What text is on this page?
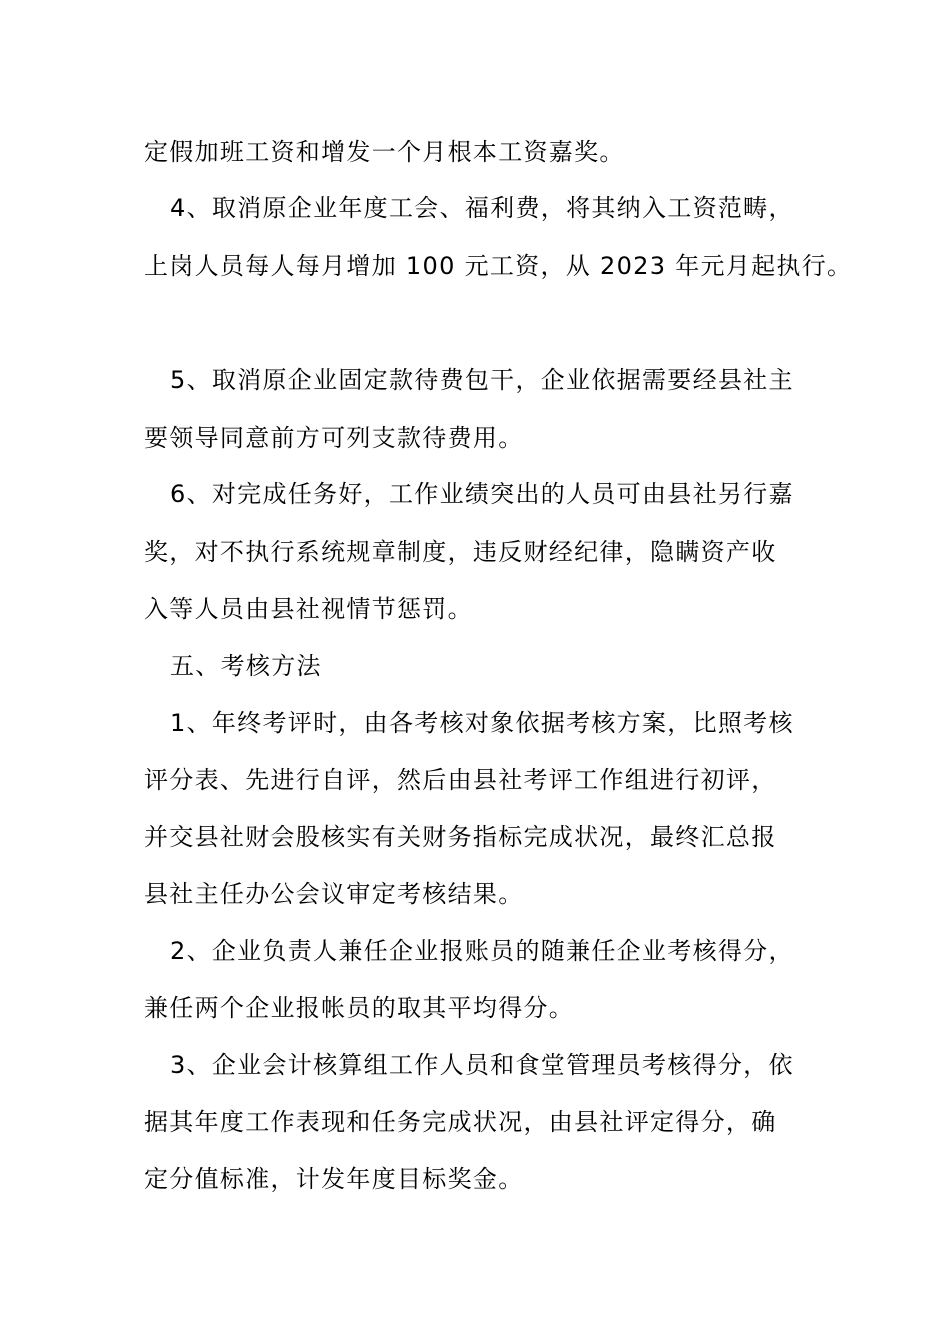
定假加班工资和增发一个月根本工资嘉奖。
4、取消原企业年度工会、福利费，将其纳入工资范畴，
上岗人员每人每月增加 100 元工资，从 2023 年元月起执行。
5、取消原企业固定款待费包干，企业依据需要经县社主
要领导同意前方可列支款待费用。
6、对完成任务好，工作业绩突出的人员可由县社另行嘉
奖，对不执行系统规章制度，违反财经纪律，隐瞒资产收
入等人员由县社视情节惩罚。
五、考核方法
1、年终考评时，由各考核对象依据考核方案，比照考核
评分表、先进行自评，然后由县社考评工作组进行初评，
并交县社财会股核实有关财务指标完成状况，最终汇总报
县社主任办公会议审定考核结果。
2、企业负责人兼任企业报账员的随兼任企业考核得分，
兼任两个企业报帐员的取其平均得分。
3、企业会计核算组工作人员和食堂管理员考核得分，依
据其年度工作表现和任务完成状况，由县社评定得分，确
定分值标准，计发年度目标奖金。
